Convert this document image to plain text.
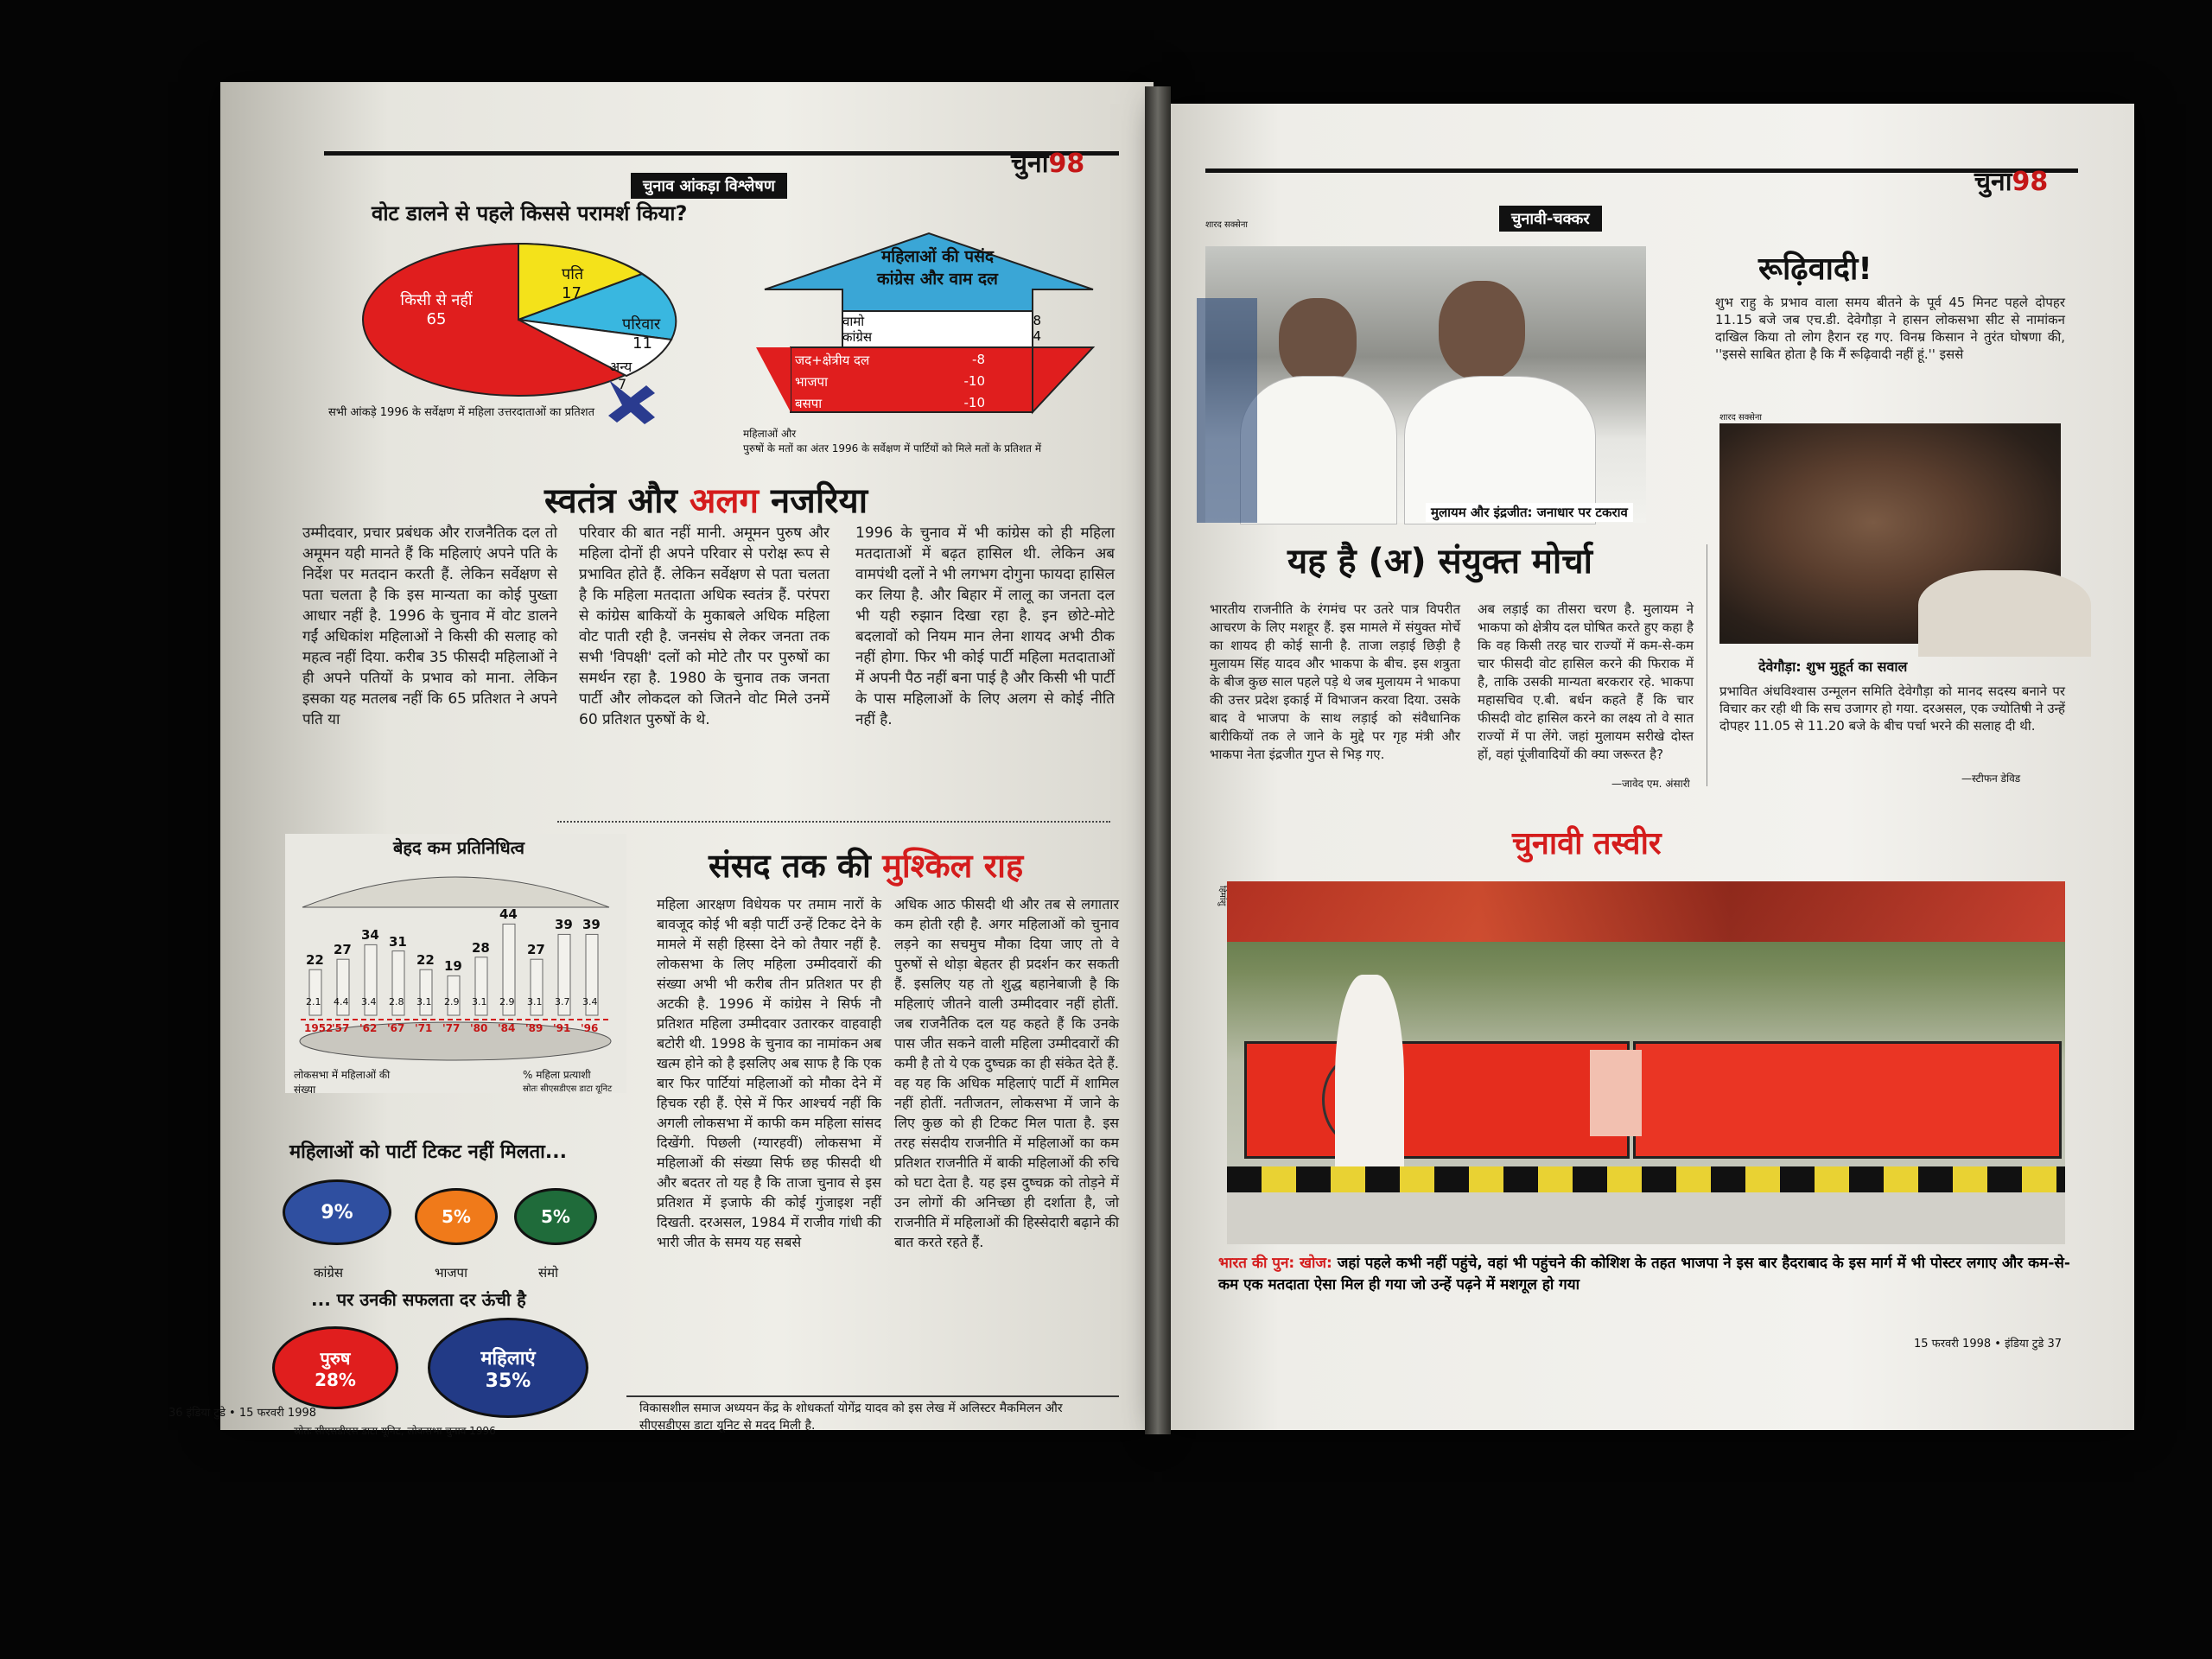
चुना98
चुनाव आंकड़ा विश्लेषण
वोट डालने से पहले किससे परामर्श किया?
किसी से नहीं
65
पति
17
परिवार
11
अन्य
7
सभी आंकड़े 1996 के सर्वेक्षण में महिला उत्तरदाताओं का प्रतिशत
महिलाओं की पसंद
कांग्रेस और वाम दल
वामो	8
कांग्रेस	4
जद+क्षेत्रीय दल	-8
भाजपा	-10
बसपा	-10
महिलाओं और
पुरुषों के मतों का अंतर 1996 के सर्वेक्षण में पार्टियों को मिले मतों के प्रतिशत में
स्वतंत्र और अलग नजरिया
उम्मीदवार, प्रचार प्रबंधक और राजनैतिक दल तो अमूमन यही मानते हैं कि महिलाएं अपने पति के निर्देश पर मतदान करती हैं. लेकिन सर्वेक्षण से पता चलता है कि इस मान्यता का कोई पुख्ता आधार नहीं है. 1996 के चुनाव में वोट डालने गईं अधिकांश महिलाओं ने किसी की सलाह को महत्व नहीं दिया. करीब 35 फीसदी महिलाओं ने ही अपने पतियों के प्रभाव को माना. लेकिन इसका यह मतलब नहीं कि 65 प्रतिशत ने अपने पति या
परिवार की बात नहीं मानी. अमूमन पुरुष और महिला दोनों ही अपने परिवार से परोक्ष रूप से प्रभावित होते हैं. लेकिन सर्वेक्षण से पता चलता है कि महिला मतदाता अधिक स्वतंत्र हैं. परंपरा से कांग्रेस बाकियों के मुकाबले अधिक महिला वोट पाती रही है. जनसंघ से लेकर जनता तक सभी 'विपक्षी' दलों को मोटे तौर पर पुरुषों का समर्थन रहा है. 1980 के चुनाव तक जनता पार्टी और लोकदल को जितने वोट मिले उनमें 60 प्रतिशत पुरुषों के थे.
1996 के चुनाव में भी कांग्रेस को ही महिला मतदाताओं में बढ़त हासिल थी. लेकिन अब वामपंथी दलों ने भी लगभग दोगुना फायदा हासिल कर लिया है. और बिहार में लालू का जनता दल भी यही रुझान दिखा रहा है. इन छोटे-मोटे बदलावों को नियम मान लेना शायद अभी ठीक नहीं होगा. फिर भी कोई पार्टी महिला मतदाताओं में अपनी पैठ नहीं बना पाई है और किसी भी पार्टी के पास महिलाओं के लिए अलग से कोई नीति नहीं है.
बेहद कम प्रतिनिधित्व
22
2.1
1952
27
4.4
'57
34
3.4
'62
31
2.8
'67
22
3.1
'71
19
2.9
'77
28
3.1
'80
44
2.9
'84
27
3.1
'89
39
3.7
'91
39
3.4
'96
लोकसभा में महिलाओं की संख्या
% महिला प्रत्याशी
स्रोतः सीएसडीएस डाटा यूनिट
महिलाओं को पार्टी टिकट नहीं मिलता...
9%	5%	5%
कांग्रेस	भाजपा	संमो
... पर उनकी सफलता दर ऊंची है
पुरुष
28%
महिलाएं
35%
स्रोतः सीएसडीएस डाटा यूनिट, लोकसभा चुनाव 1996
संसद तक की मुश्किल राह
महिला आरक्षण विधेयक पर तमाम नारों के बावजूद कोई भी बड़ी पार्टी उन्हें टिकट देने के मामले में सही हिस्सा देने को तैयार नहीं है. लोकसभा के लिए महिला उम्मीदवारों की संख्या अभी भी करीब तीन प्रतिशत पर ही अटकी है. 1996 में कांग्रेस ने सिर्फ नौ प्रतिशत महिला उम्मीदवार उतारकर वाहवाही बटोरी थी. 1998 के चुनाव का नामांकन अब खत्म होने को है इसलिए अब साफ है कि एक बार फिर पार्टियां महिलाओं को मौका देने में हिचक रही हैं. ऐसे में फिर आश्चर्य नहीं कि अगली लोकसभा में काफी कम महिला सांसद दिखेंगी. पिछली (ग्यारहवीं) लोकसभा में महिलाओं की संख्या सिर्फ छह फीसदी थी और बदतर तो यह है कि ताजा चुनाव से इस प्रतिशत में इजाफे की कोई गुंजाइश नहीं दिखती. दरअसल, 1984 में राजीव गांधी की भारी जीत के समय यह सबसे
अधिक आठ फीसदी थी और तब से लगातार कम होती रही है. अगर महिलाओं को चुनाव लड़ने का सचमुच मौका दिया जाए तो वे पुरुषों से थोड़ा बेहतर ही प्रदर्शन कर सकती हैं. इसलिए यह तो शुद्ध बहानेबाजी है कि महिलाएं जीतने वाली उम्मीदवार नहीं होतीं. जब राजनैतिक दल यह कहते हैं कि उनके पास जीत सकने वाली महिला उम्मीदवारों की कमी है तो ये एक दुष्चक्र का ही संकेत देते हैं. वह यह कि अधिक महिलाएं पार्टी में शामिल नहीं होतीं. नतीजतन, लोकसभा में जाने के लिए कुछ को ही टिकट मिल पाता है. इस तरह संसदीय राजनीति में महिलाओं का कम प्रतिशत राजनीति में बाकी महिलाओं की रुचि को घटा देता है. यह इस दुष्चक्र को तोड़ने में उन लोगों की अनिच्छा ही दर्शाता है, जो राजनीति में महिलाओं की हिस्सेदारी बढ़ाने की बात करते रहते हैं.
विकासशील समाज अध्ययन केंद्र के शोधकर्ता योगेंद्र यादव को इस लेख में अलिस्टर मैकमिलन और सीएसडीएस डाटा यूनिट से मदद मिली है.
36 इंडिया टुडे • 15 फरवरी 1998
चुना98
चुनावी-चक्कर
शारद सक्सेना
मुलायम और इंद्रजीत: जनाधार पर टकराव
रूढ़िवादी!
शुभ राहु के प्रभाव वाला समय बीतने के पूर्व 45 मिनट पहले दोपहर 11.15 बजे जब एच.डी. देवेगौड़ा ने हासन लोकसभा सीट से नामांकन दाखिल किया तो लोग हैरान रह गए. विनम्र किसान ने तुरंत घोषणा की, ''इससे साबित होता है कि मैं रूढ़िवादी नहीं हूं.'' इससे
शारद सक्सेना
देवेगौड़ा: शुभ मुहूर्त का सवाल
प्रभावित अंधविश्वास उन्मूलन समिति देवेगौड़ा को मानद सदस्य बनाने पर विचार कर रही थी कि सच उजागर हो गया. दरअसल, एक ज्योतिषी ने उन्हें दोपहर 11.05 से 11.20 बजे के बीच पर्चा भरने की सलाह दी थी.
—स्टीफन डेविड
यह है (अ) संयुक्त मोर्चा
भारतीय राजनीति के रंगमंच पर उतरे पात्र विपरीत आचरण के लिए मशहूर हैं. इस मामले में संयुक्त मोर्चे का शायद ही कोई सानी है. ताजा लड़ाई छिड़ी है मुलायम सिंह यादव और भाकपा के बीच. इस शत्रुता के बीज कुछ साल पहले पड़े थे जब मुलायम ने भाकपा की उत्तर प्रदेश इकाई में विभाजन करवा दिया. उसके बाद वे भाजपा के साथ लड़ाई को संवैधानिक बारीकियों तक ले जाने के मुद्दे पर गृह मंत्री और भाकपा नेता इंद्रजीत गुप्त से भिड़ गए.
अब लड़ाई का तीसरा चरण है. मुलायम ने भाकपा को क्षेत्रीय दल घोषित करते हुए कहा है कि वह किसी तरह चार राज्यों में कम-से-कम चार फीसदी वोट हासिल करने की फिराक में है, ताकि उसकी मान्यता बरकरार रहे. भाकपा महासचिव ए.बी. बर्धन कहते हैं कि चार फीसदी वोट हासिल करने का लक्ष्य तो वे सात राज्यों में पा लेंगे. जहां मुलायम सरीखे दोस्त हों, वहां पूंजीवादियों की क्या जरूरत है?
—जावेद एम. अंसारी
चुनावी तस्वीर
हिमांशु
भारत की पुन: खोज: जहां पहले कभी नहीं पहुंचे, वहां भी पहुंचने की कोशिश के तहत भाजपा ने इस बार हैदराबाद के इस मार्ग में भी पोस्टर लगाए और कम-से-कम एक मतदाता ऐसा मिल ही गया जो उन्हें पढ़ने में मशगूल हो गया
15 फरवरी 1998 • इंडिया टुडे 37
